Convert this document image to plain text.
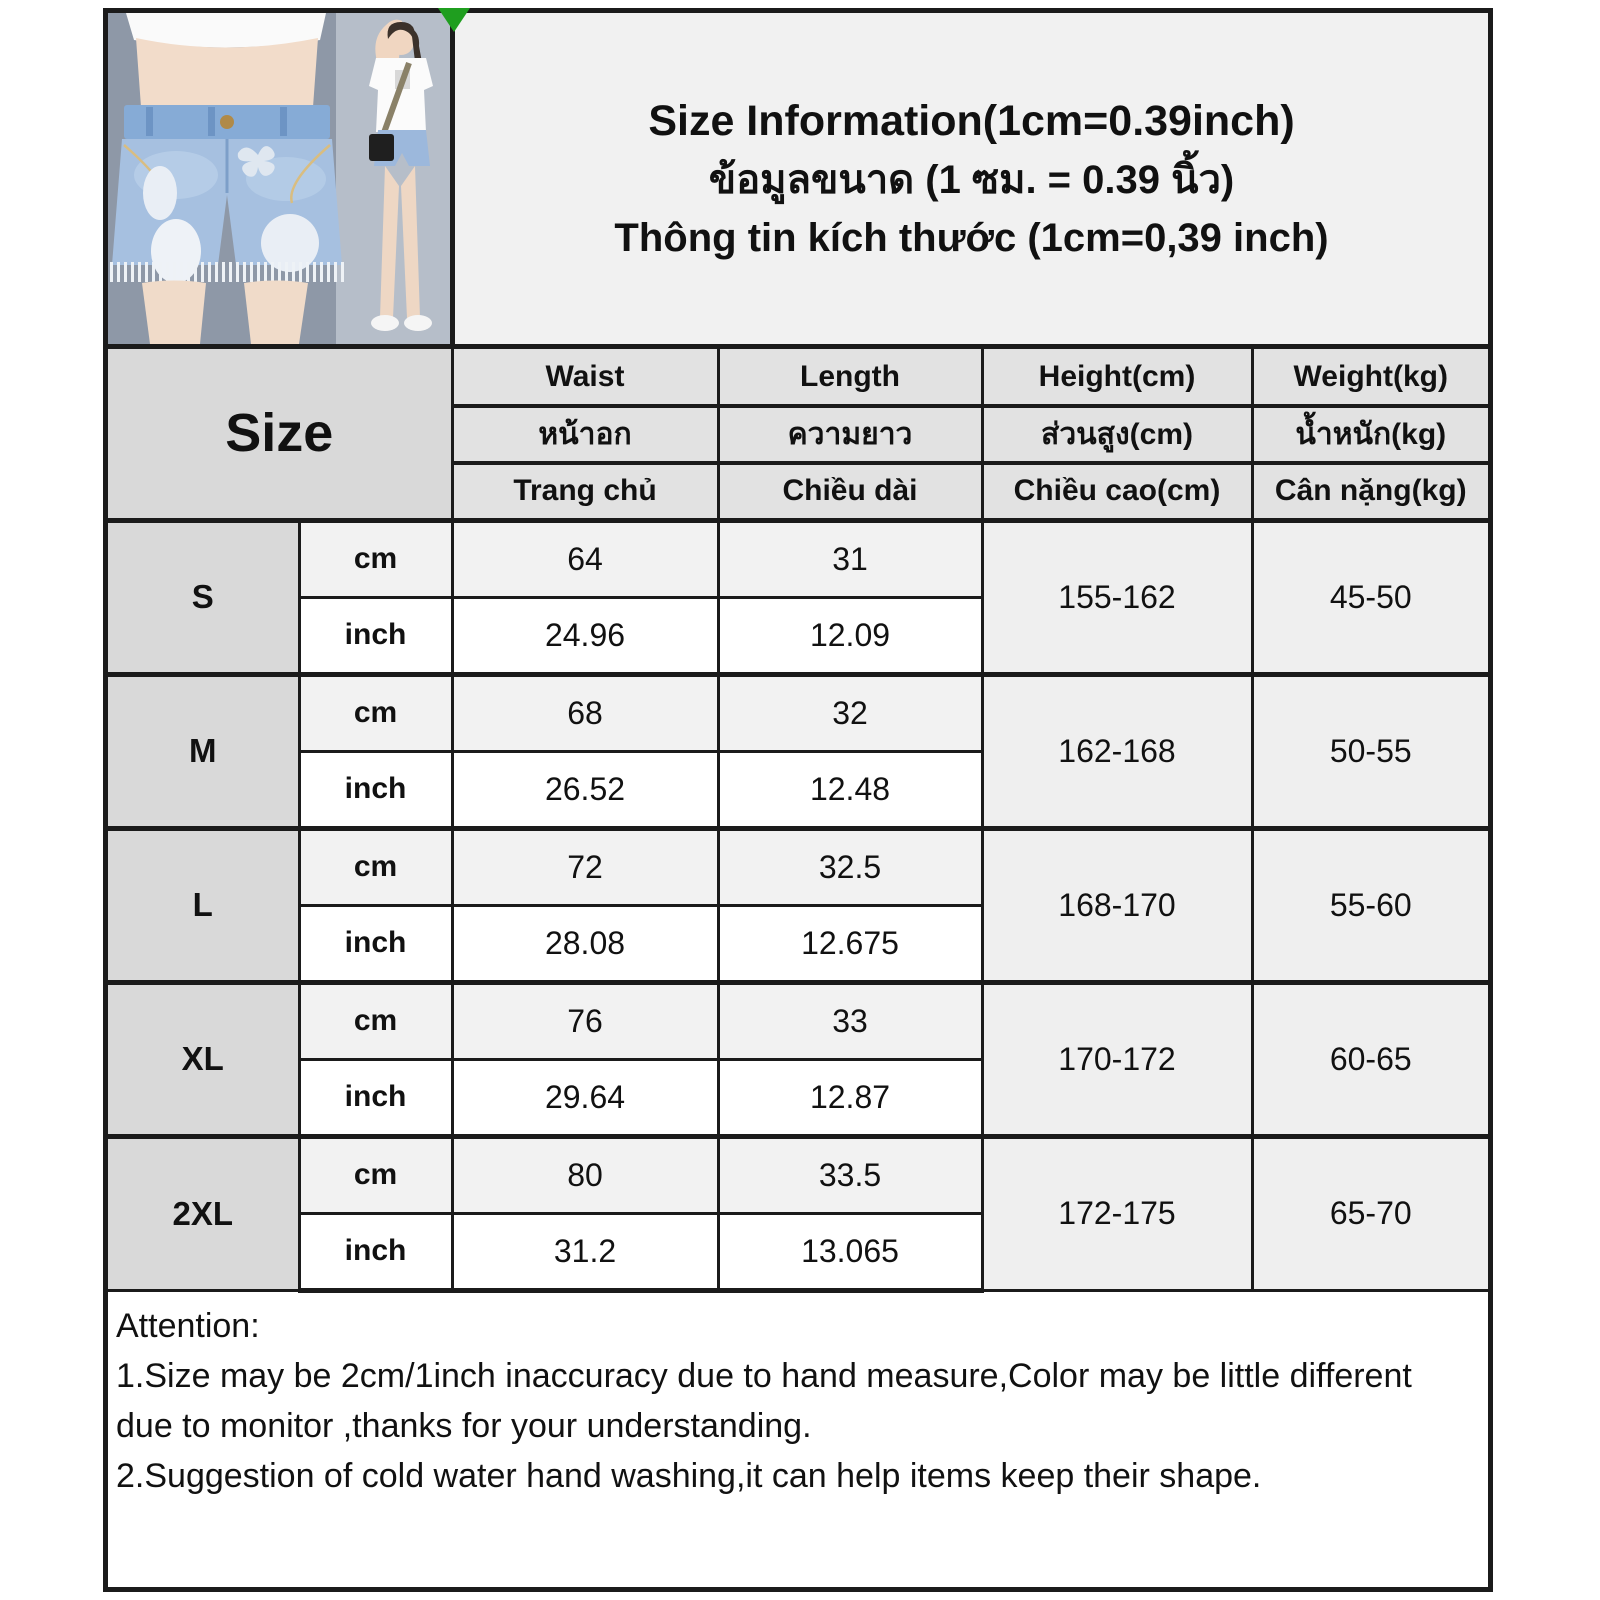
Size Information(1cm=0.39inch)
ข้อมูลขนาด (1 ซม. = 0.39 นิ้ว)
Thông tin kích thước (1cm=0,39 inch)
Size		Waist	Length	Height(cm)	Weight(kg)
		หน้าอก	ความยาว	ส่วนสูง(cm)	น้ำหนัก(kg)
		Trang chủ	Chiều dài	Chiều cao(cm)	Cân nặng(kg)
S	cm	64	31	155-162	45-50
	inch	24.96	12.09		
M	cm	68	32	162-168	50-55
	inch	26.52	12.48		
L	cm	72	32.5	168-170	55-60
	inch	28.08	12.675		
XL	cm	76	33	170-172	60-65
	inch	29.64	12.87		
2XL	cm	80	33.5	172-175	65-70
	inch	31.2	13.065		

Attention:

1.Size may be 2cm/1inch inaccuracy due to hand measure,Color may be little different due to monitor ,thanks for your understanding.

2.Suggestion of cold water hand washing,it can help items keep their shape.
